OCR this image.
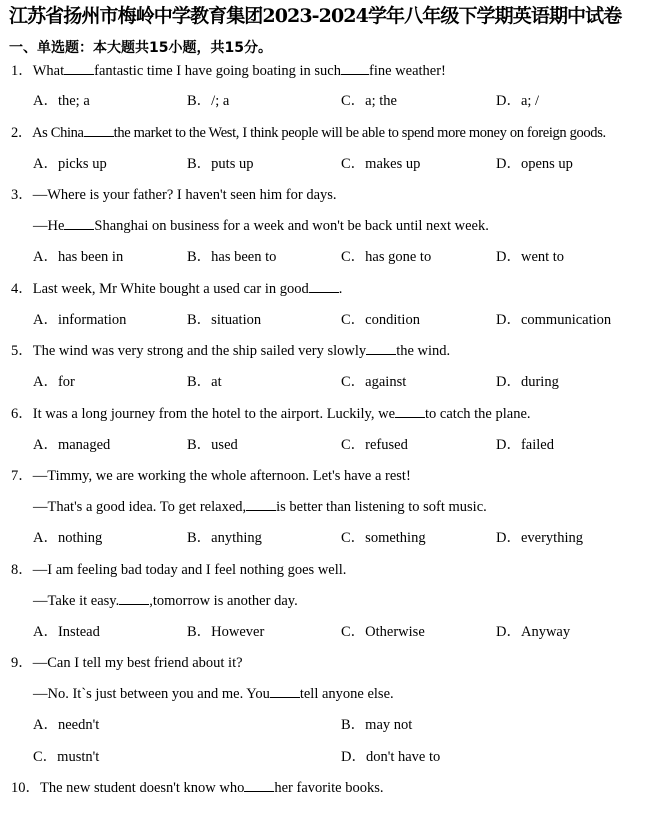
江苏省扬州市梅岭中学教育集团2023-2024学年八年级下学期英语期中试卷
一、单选题：本大题共15小题，共15分。
1．What fantastic time I have going boating in such fine weather!
A．the; a	B．/; a	C．a; the	D．a; /
2．As China the market to the West, I think people will be able to spend more money on foreign goods.
A．picks up	B．puts up	C．makes up	D．opens up
3．—Where is your father? I haven't seen him for days.
—He Shanghai on business for a week and won't be back until next week.
A．has been in	B．has been to	C．has gone to	D．went to
4．Last week, Mr White bought a used car in good .
A．information	B．situation	C．condition	D．communication
5．The wind was very strong and the ship sailed very slowly the wind.
A．for	B．at	C．against	D．during
6．It was a long journey from the hotel to the airport. Luckily, we to catch the plane.
A．managed	B．used	C．refused	D．failed
7．—Timmy, we are working the whole afternoon. Let's have a rest!
—That's a good idea. To get relaxed, is better than listening to soft music.
A．nothing	B．anything	C．something	D．everything
8．—I am feeling bad today and I feel nothing goes well.
—Take it easy. ,tomorrow is another day.
A．Instead	B．However	C．Otherwise	D．Anyway
9．—Can I tell my best friend about it?
—No. It`s just between you and me. You tell anyone else.
A．needn't	B．may not
C．mustn't	D．don't have to
10．The new student doesn't know who her favorite books.
